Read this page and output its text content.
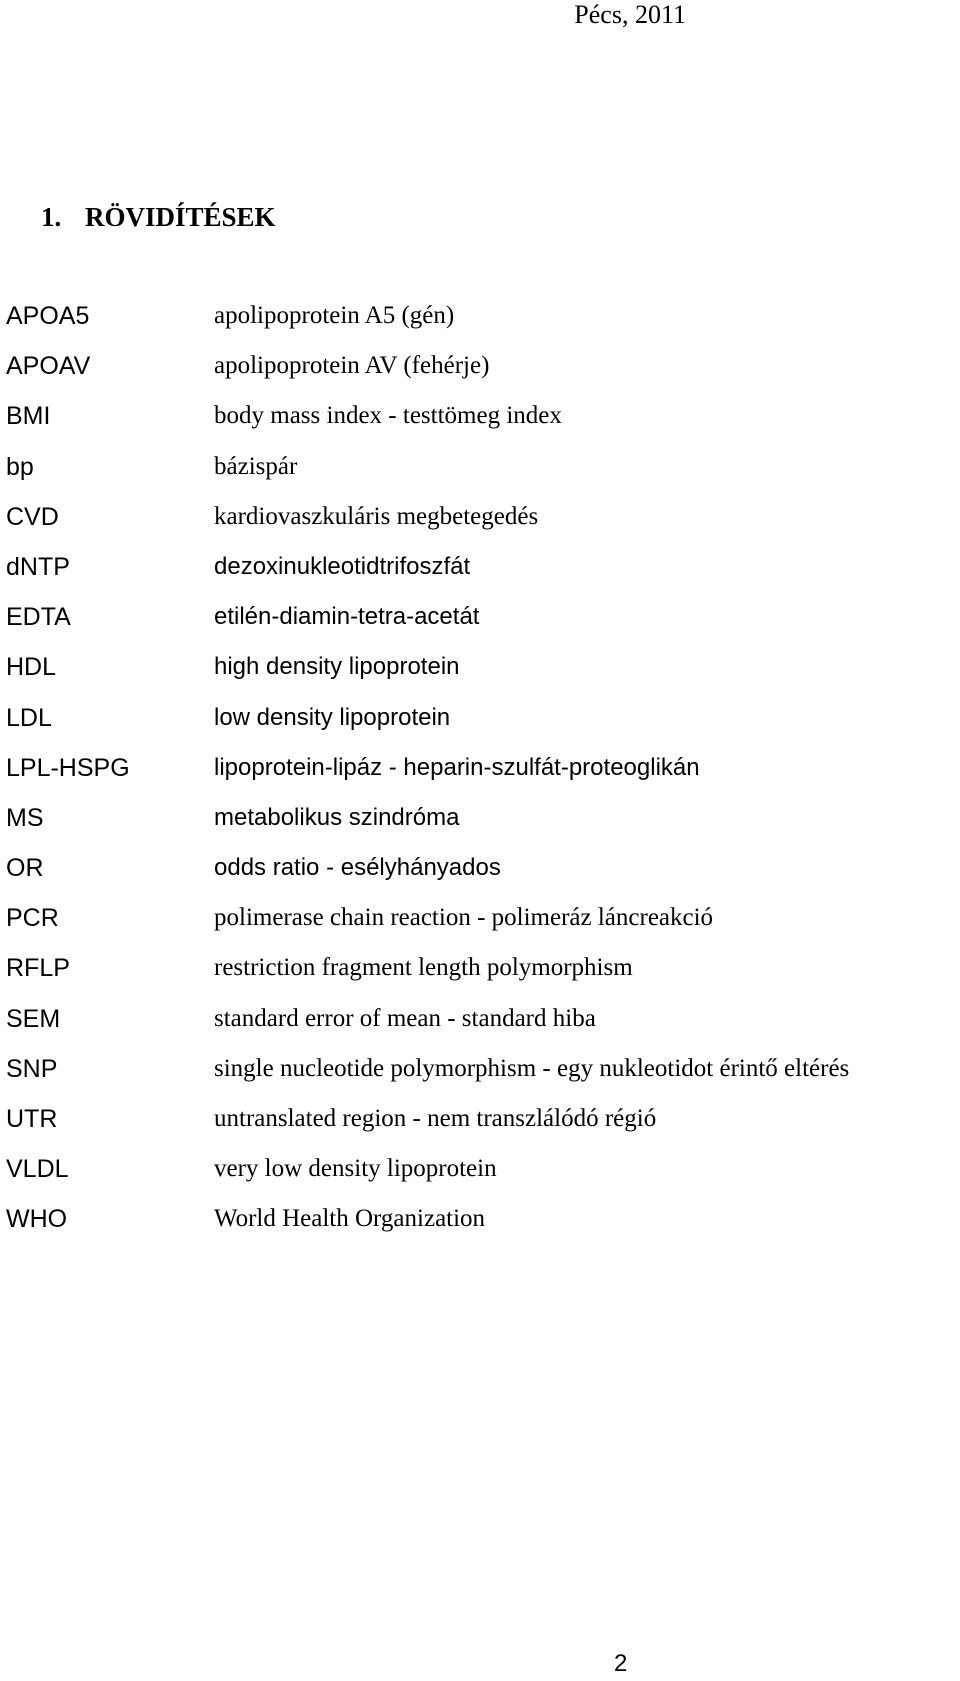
Pécs, 2011
1. RÖVIDÍTÉSEK
APOA5	apolipoprotein A5 (gén)
APOAV	apolipoprotein AV (fehérje)
BMI	body mass index - testtömeg index
bp	bázispár
CVD	kardiovaszkuláris megbetegedés
dNTP	dezoxinukleotidtrifoszfát
EDTA	etilén-diamin-tetra-acetát
HDL	high density lipoprotein
LDL	low density lipoprotein
LPL-HSPG	lipoprotein-lipáz - heparin-szulfát-proteoglikán
MS	metabolikus szindróma
OR	odds ratio - esélyhányados
PCR	polimerase chain reaction - polimeráz láncreakció
RFLP	restriction fragment length polymorphism
SEM	standard error of mean - standard hiba
SNP	single nucleotide polymorphism - egy nukleotidot érintő eltérés
UTR	untranslated region - nem transzlálódó régió
VLDL	very low density lipoprotein
WHO	World Health Organization
2
